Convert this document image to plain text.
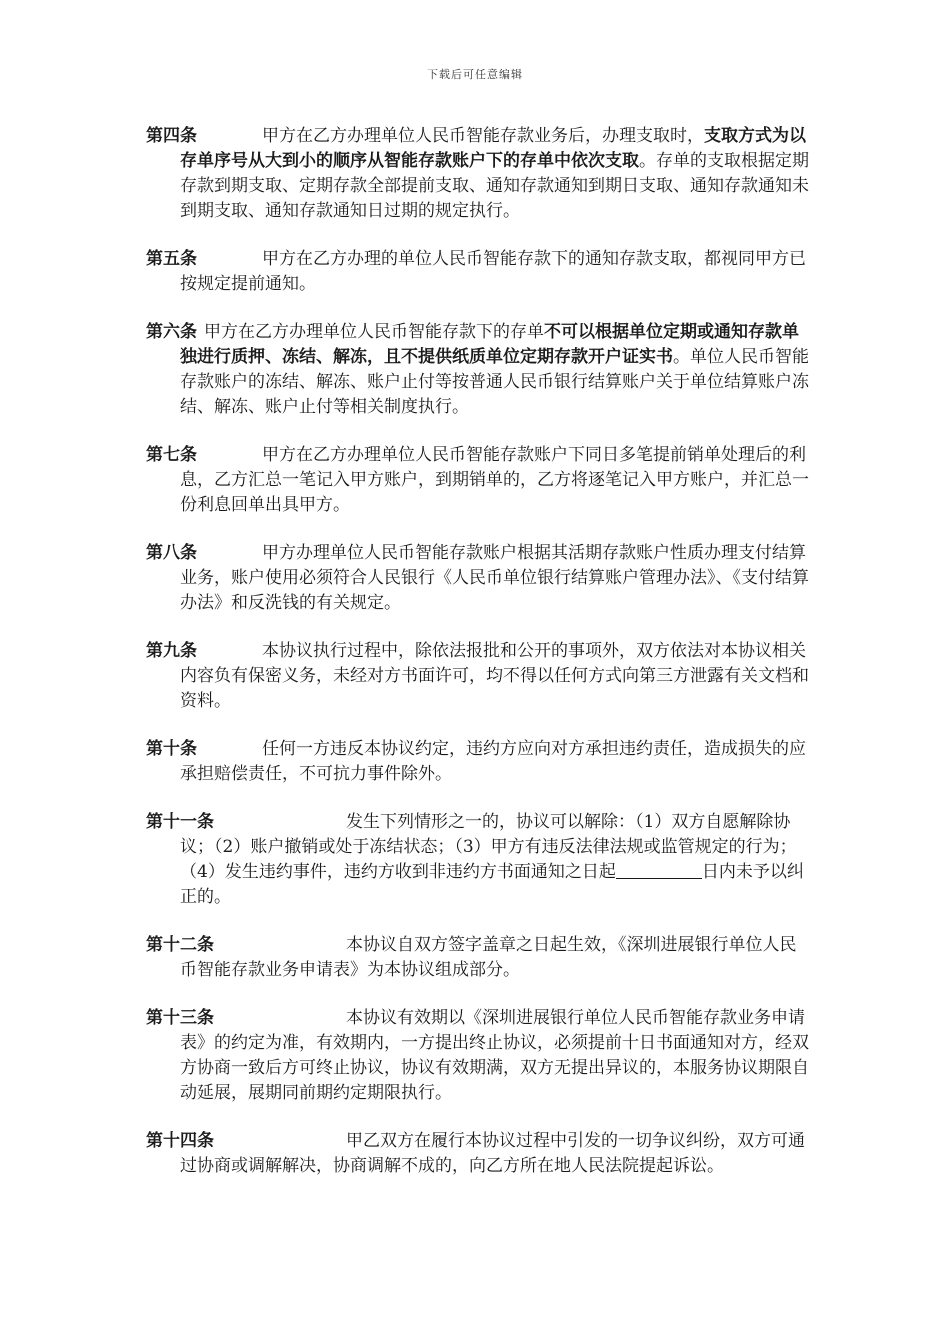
下载后可任意编辑
第四条	甲方在乙方办理单位人民币智能存款业务后，办理支取时，支取方式为以存单序号从大到小的顺序从智能存款账户下的存单中依次支取。存单的支取根据定期存款到期支取、定期存款全部提前支取、通知存款通知到期日支取、通知存款通知未到期支取、通知存款通知日过期的规定执行。
第五条	甲方在乙方办理的单位人民币智能存款下的通知存款支取，都视同甲方已按规定提前通知。
第六条 甲方在乙方办理单位人民币智能存款下的存单不可以根据单位定期或通知存款单独进行质押、冻结、解冻，且不提供纸质单位定期存款开户证实书。单位人民币智能存款账户的冻结、解冻、账户止付等按普通人民币银行结算账户关于单位结算账户冻结、解冻、账户止付等相关制度执行。
第七条	甲方在乙方办理单位人民币智能存款账户下同日多笔提前销单处理后的利息，乙方汇总一笔记入甲方账户，到期销单的，乙方将逐笔记入甲方账户，并汇总一份利息回单出具甲方。
第八条	甲方办理单位人民币智能存款账户根据其活期存款账户性质办理支付结算业务，账户使用必须符合人民银行《人民币单位银行结算账户管理办法》、《支付结算办法》和反洗钱的有关规定。
第九条	本协议执行过程中，除依法报批和公开的事项外，双方依法对本协议相关内容负有保密义务，未经对方书面许可，均不得以任何方式向第三方泄露有关文档和资料。
第十条	任何一方违反本协议约定，违约方应向对方承担违约责任，造成损失的应承担赔偿责任，不可抗力事件除外。
第十一条	发生下列情形之一的，协议可以解除：（1）双方自愿解除协议；（2）账户撤销或处于冻结状态；（3）甲方有违反法律法规或监管规定的行为；（4）发生违约事件，违约方收到非违约方书面通知之日起	日内未予以纠正的。
第十二条	本协议自双方签字盖章之日起生效，《深圳进展银行单位人民币智能存款业务申请表》为本协议组成部分。
第十三条	本协议有效期以《深圳进展银行单位人民币智能存款业务申请表》的约定为准，有效期内，一方提出终止协议，必须提前十日书面通知对方，经双方协商一致后方可终止协议，协议有效期满，双方无提出异议的，本服务协议期限自动延展，展期同前期约定期限执行。
第十四条	甲乙双方在履行本协议过程中引发的一切争议纠纷，双方可通过协商或调解解决，协商调解不成的，向乙方所在地人民法院提起诉讼。
